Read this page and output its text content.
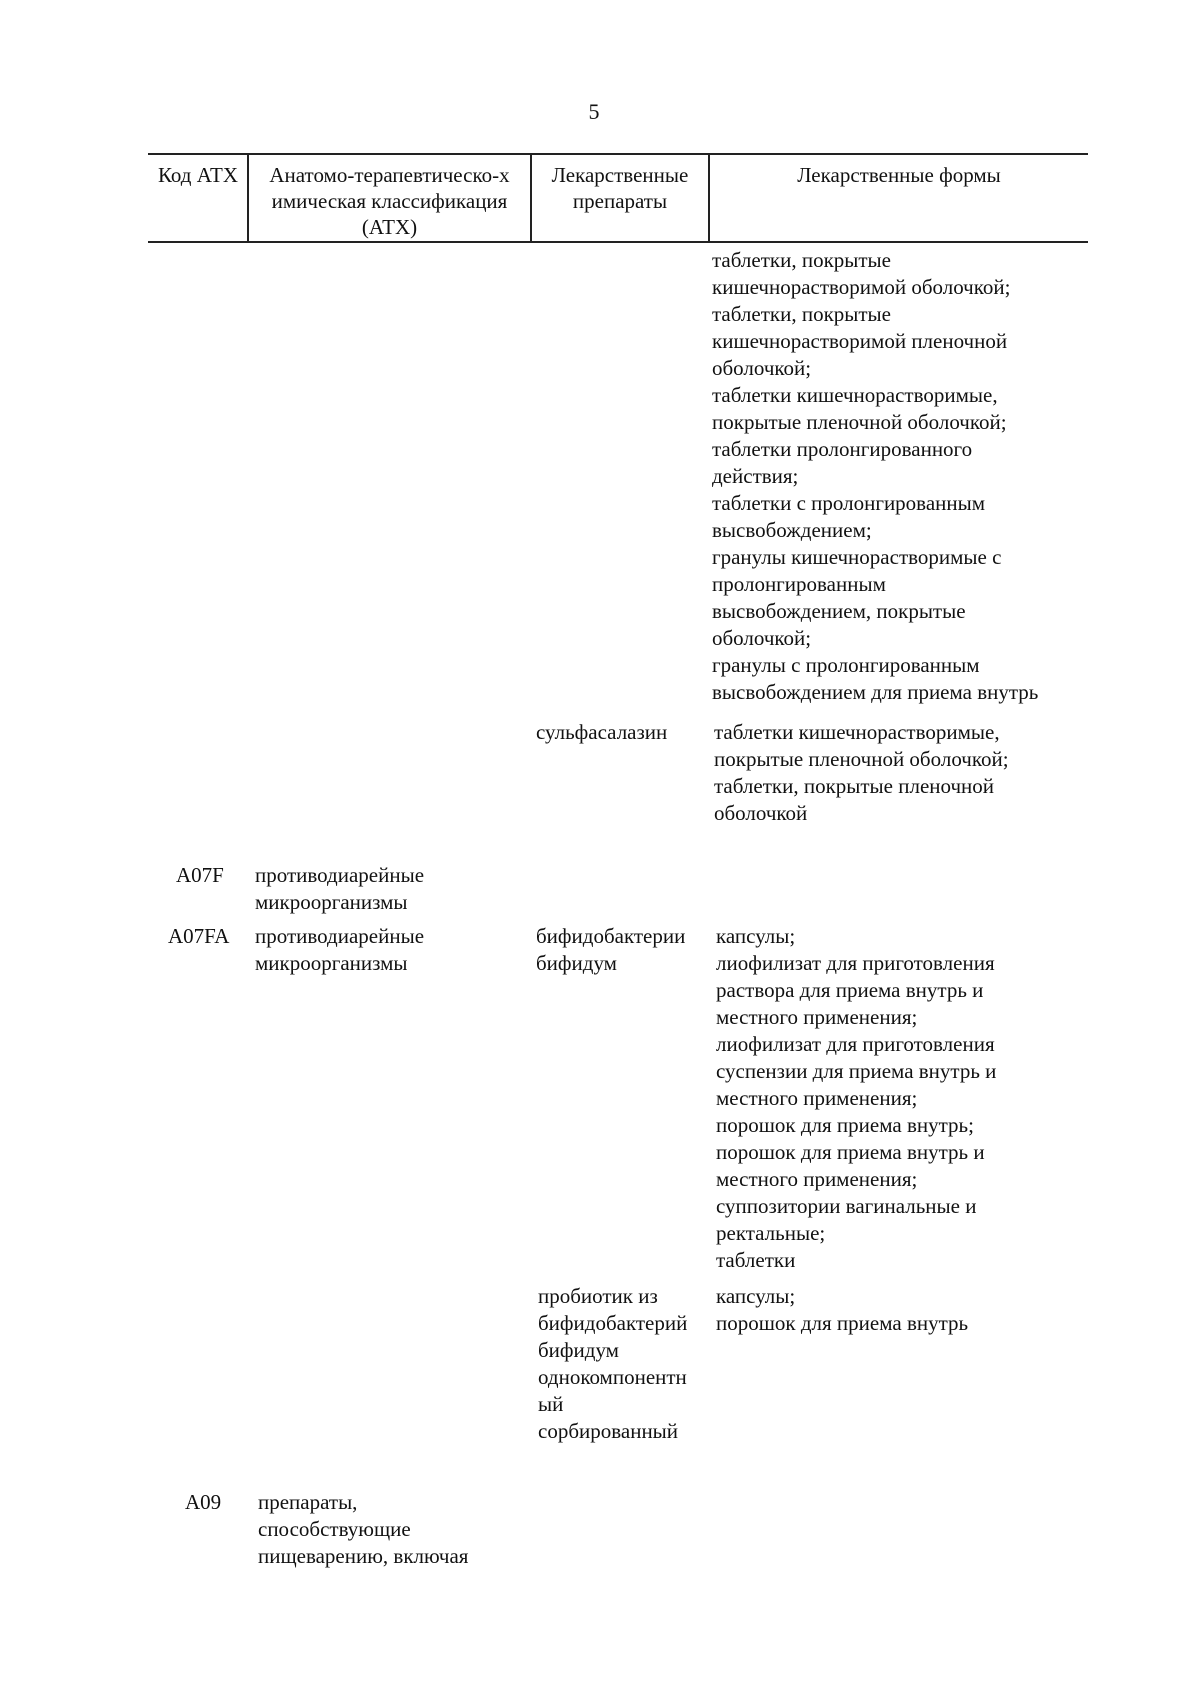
5
Код АТХ	Анатомо-терапевтическо-х
имическая классификация
(АТХ)
Лекарственные
препараты
Лекарственные формы
таблетки, покрытые
кишечнорастворимой оболочкой;
таблетки, покрытые
кишечнорастворимой пленочной
оболочкой;
таблетки кишечнорастворимые,
покрытые пленочной оболочкой;
таблетки пролонгированного
действия;
таблетки с пролонгированным
высвобождением;
гранулы кишечнорастворимые с
пролонгированным
высвобождением, покрытые
оболочкой;
гранулы с пролонгированным
высвобождением для приема внутрь
сульфасалазин таблетки кишечнорастворимые,
покрытые пленочной оболочкой;
таблетки, покрытые пленочной
оболочкой
A07F противодиарейные
микроорганизмы
A07FA противодиарейные
микроорганизмы
бифидобактерии
бифидум
капсулы;
лиофилизат для приготовления
раствора для приема внутрь и
местного применения;
лиофилизат для приготовления
суспензии для приема внутрь и
местного применения;
порошок для приема внутрь;
порошок для приема внутрь и
местного применения;
суппозитории вагинальные и
ректальные;
таблетки
пробиотик из
бифидобактерий
бифидум
однокомпонентн
ый
сорбированный
капсулы;
порошок для приема внутрь
A09 препараты,
способствующие
пищеварению, включая
